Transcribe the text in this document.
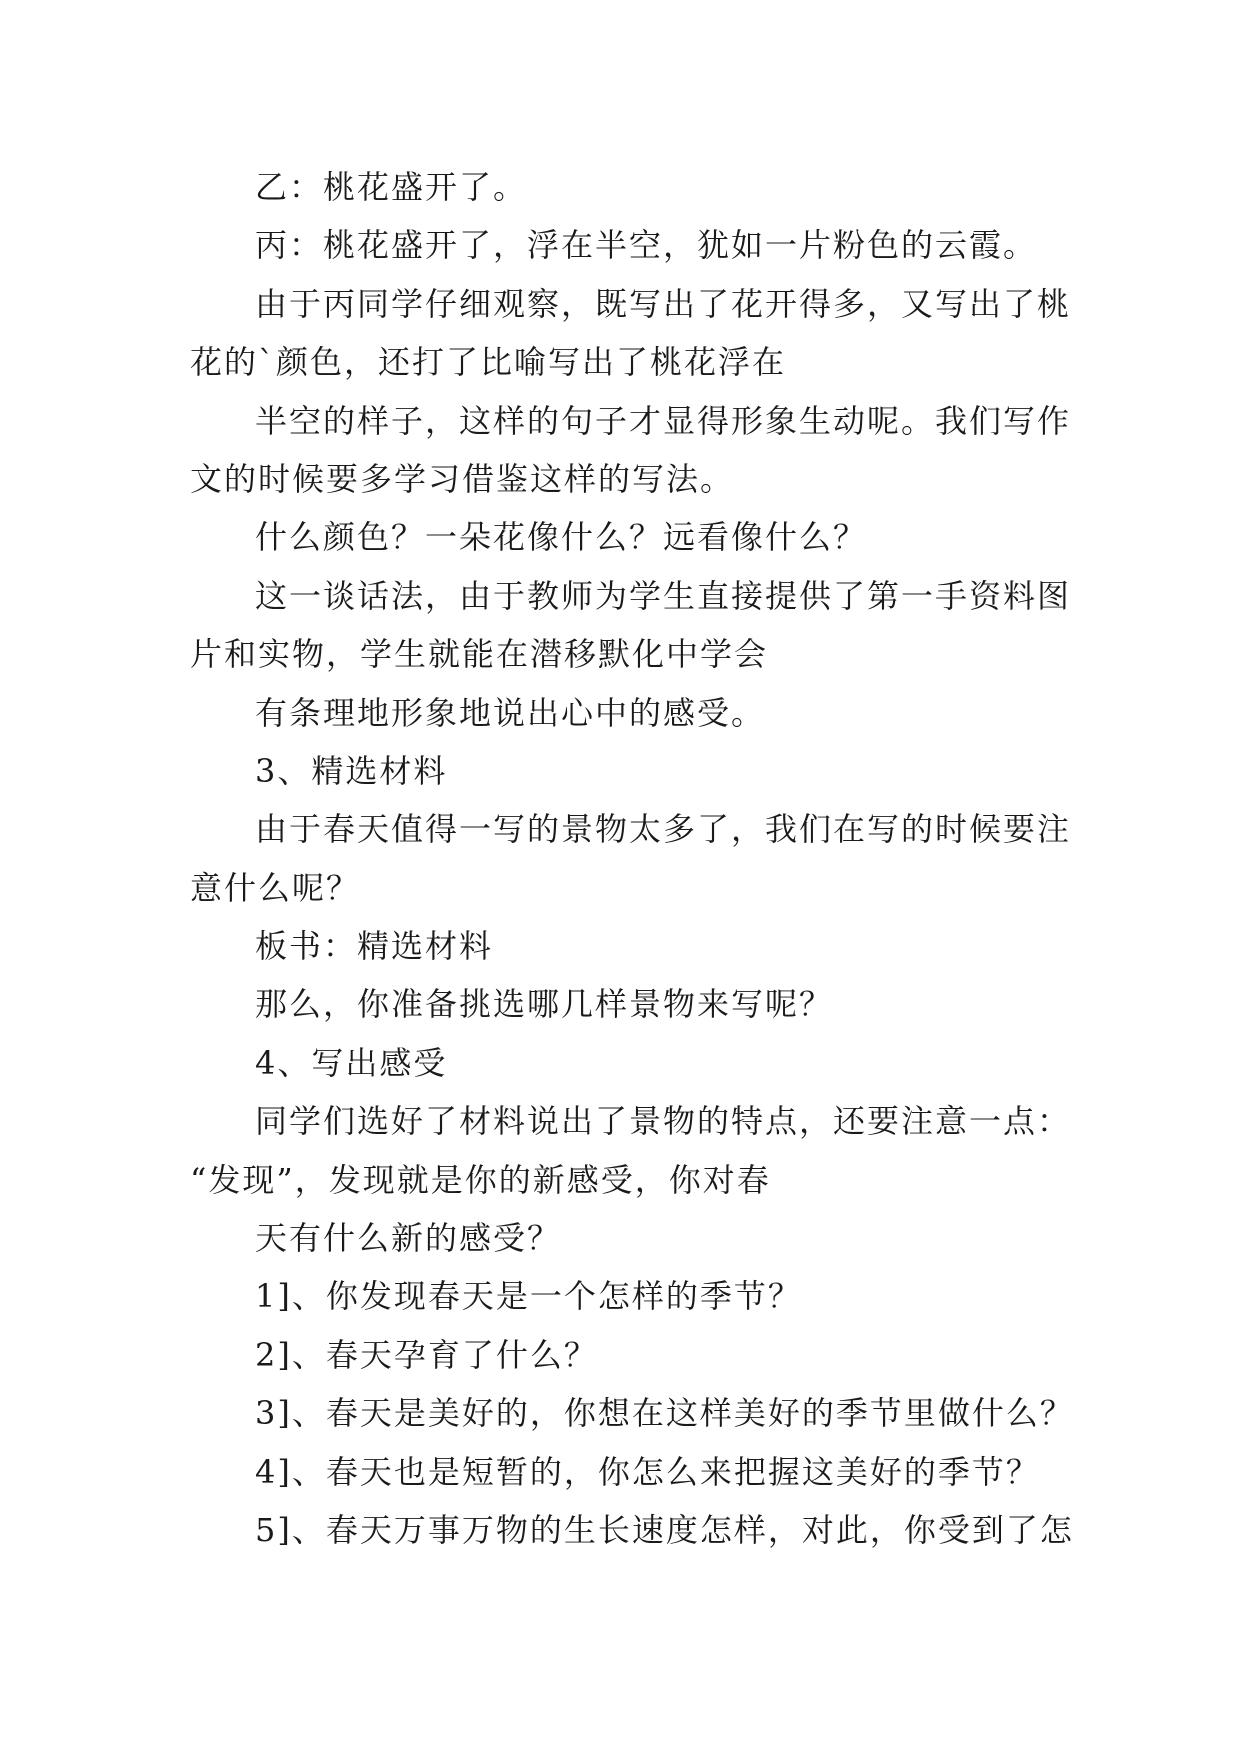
乙：桃花盛开了。
丙：桃花盛开了，浮在半空，犹如一片粉色的云霞。
由于丙同学仔细观察，既写出了花开得多，又写出了桃
花的`颜色，还打了比喻写出了桃花浮在
半空的样子，这样的句子才显得形象生动呢。我们写作
文的时候要多学习借鉴这样的写法。
什么颜色？一朵花像什么？远看像什么？
这一谈话法，由于教师为学生直接提供了第一手资料图
片和实物，学生就能在潜移默化中学会
有条理地形象地说出心中的感受。
3、精选材料
由于春天值得一写的景物太多了，我们在写的时候要注
意什么呢？
板书：精选材料
那么，你准备挑选哪几样景物来写呢？
4、写出感受
同学们选好了材料说出了景物的特点，还要注意一点：
“发现”，发现就是你的新感受，你对春
天有什么新的感受？
1]、你发现春天是一个怎样的季节？
2]、春天孕育了什么？
3]、春天是美好的，你想在这样美好的季节里做什么？
4]、春天也是短暂的，你怎么来把握这美好的季节？
5]、春天万事万物的生长速度怎样，对此，你受到了怎
